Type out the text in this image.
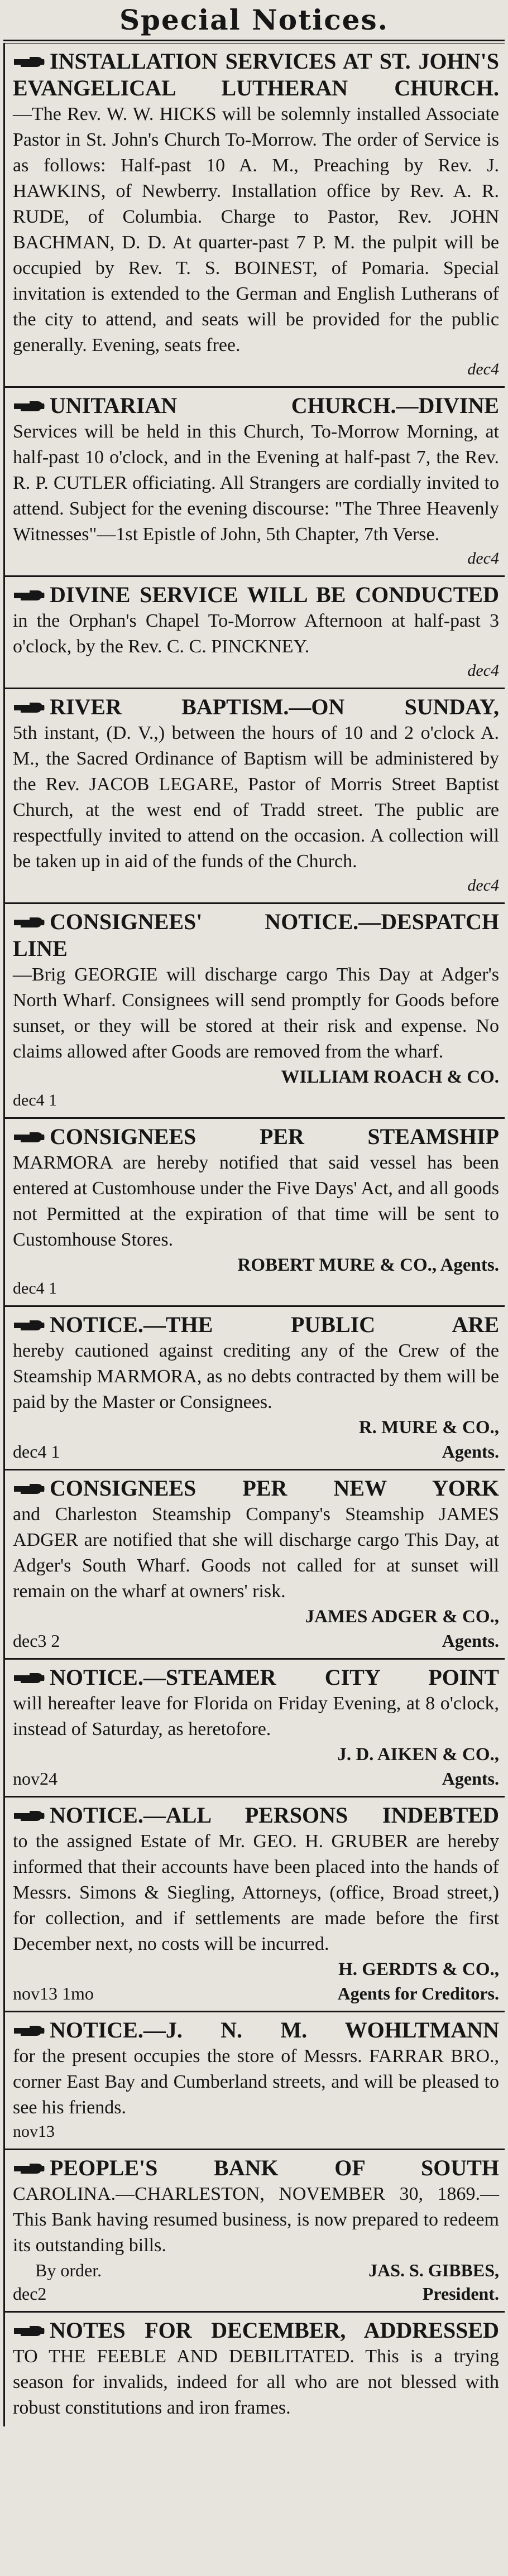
Special Notices.
INSTALLATION SERVICES AT ST. JOHN'S EVANGELICAL LUTHERAN CHURCH.

—The Rev. W. W. HICKS will be solemnly installed Associate Pastor in St. John's Church To-Morrow. The order of Service is as follows: Half-past 10 A. M., Preaching by Rev. J. HAWKINS, of Newberry. Installation office by Rev. A. R. RUDE, of Columbia. Charge to Pastor, Rev. JOHN BACHMAN, D. D. At quarter-past 7 P. M. the pulpit will be occupied by Rev. T. S. BOINEST, of Pomaria. Special invitation is extended to the German and English Lutherans of the city to attend, and seats will be provided for the public generally. Evening, seats free.

dec4

UNITARIAN CHURCH.—DIVINE

Services will be held in this Church, To-Morrow Morning, at half-past 10 o'clock, and in the Evening at half-past 7, the Rev. R. P. CUTLER officiating. All Strangers are cordially invited to attend. Subject for the evening discourse: "The Three Heavenly Witnesses"—1st Epistle of John, 5th Chapter, 7th Verse.

dec4

DIVINE SERVICE WILL BE CONDUCTED

in the Orphan's Chapel To-Morrow Afternoon at half-past 3 o'clock, by the Rev. C. C. PINCKNEY.

dec4

RIVER BAPTISM.—ON SUNDAY,

5th instant, (D. V.,) between the hours of 10 and 2 o'clock A. M., the Sacred Ordinance of Baptism will be administered by the Rev. JACOB LEGARE, Pastor of Morris Street Baptist Church, at the west end of Tradd street. The public are respectfully invited to attend on the occasion. A collection will be taken up in aid of the funds of the Church.

dec4

CONSIGNEES' NOTICE.—DESPATCH LINE

—Brig GEORGIE will discharge cargo This Day at Adger's North Wharf. Consignees will send promptly for Goods before sunset, or they will be stored at their risk and expense. No claims allowed after Goods are removed from the wharf.

WILLIAM ROACH & CO.

dec4 1

CONSIGNEES PER STEAMSHIP

MARMORA are hereby notified that said vessel has been entered at Customhouse under the Five Days' Act, and all goods not Permitted at the expiration of that time will be sent to Customhouse Stores.

ROBERT MURE & CO., Agents.

dec4 1

NOTICE.—THE PUBLIC ARE

hereby cautioned against crediting any of the Crew of the Steamship MARMORA, as no debts contracted by them will be paid by the Master or Consignees.

R. MURE & CO.,

dec4 1	Agents.
CONSIGNEES PER NEW YORK

and Charleston Steamship Company's Steamship JAMES ADGER are notified that she will discharge cargo This Day, at Adger's South Wharf. Goods not called for at sunset will remain on the wharf at owners' risk.

JAMES ADGER & CO.,

dec3 2	Agents.
NOTICE.—STEAMER CITY POINT

will hereafter leave for Florida on Friday Evening, at 8 o'clock, instead of Saturday, as heretofore.

J. D. AIKEN & CO.,

nov24	Agents.
NOTICE.—ALL PERSONS INDEBTED

to the assigned Estate of Mr. GEO. H. GRUBER are hereby informed that their accounts have been placed into the hands of Messrs. Simons & Siegling, Attorneys, (office, Broad street,) for collection, and if settlements are made before the first December next, no costs will be incurred.

H. GERDTS & CO.,

nov13 1mo	Agents for Creditors.
NOTICE.—J. N. M. WOHLTMANN

for the present occupies the store of Messrs. FARRAR BRO., corner East Bay and Cumberland streets, and will be pleased to see his friends.

nov13

PEOPLE'S BANK OF SOUTH

CAROLINA.—CHARLESTON, NOVEMBER 30, 1869.—This Bank having resumed business, is now prepared to redeem its outstanding bills.

By order.	JAS. S. GIBBES,
dec2	President.
NOTES FOR DECEMBER, ADDRESSED

TO THE FEEBLE AND DEBILITATED. This is a trying season for invalids, indeed for all who are not blessed with robust constitutions and iron frames.
